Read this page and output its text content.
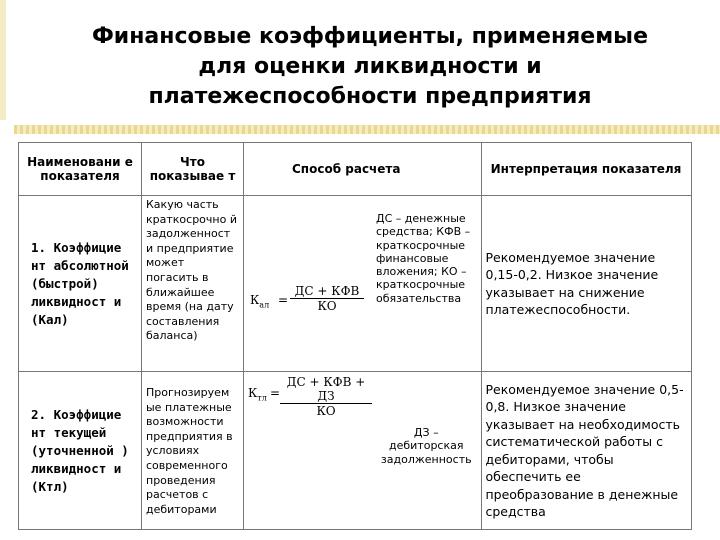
Финансовые коэффициенты, применяемые
для оценки ликвидности и
платежеспособности предприятия
Наименовани е показателя	Что показывае т		Способ расчета	Интерпретация показателя
1. Коэффицие нт абсолютной (быстрой) ликвидност и (Кал)	Какую часть краткосрочно й задолженност и предприятие может погасить в ближайшее время (на дату составления баланса)	$К_{ал}$ =
ДС + КФВ
КО	ДС – денежные средства; КФВ – краткосрочные финансовые вложения; КО – краткосрочные обязательства	Рекомендуемое значение 0,15-0,2. Низкое значение указывает на снижение платежеспособности.
2. Коэффицие нт текущей (уточненной ) ликвидност и (Ктл)	Прогнозируем ые платежные возможности предприятия в условиях современного проведения расчетов с дебиторами	$К_{тл}$ =
ДС + КФВ + ДЗ
КО	ДЗ – дебиторская задолженность	Рекомендуемое значение 0,5-0,8. Низкое значение указывает на необходимость систематической работы с дебиторами, чтобы обеспечить ее преобразование в денежные средства
